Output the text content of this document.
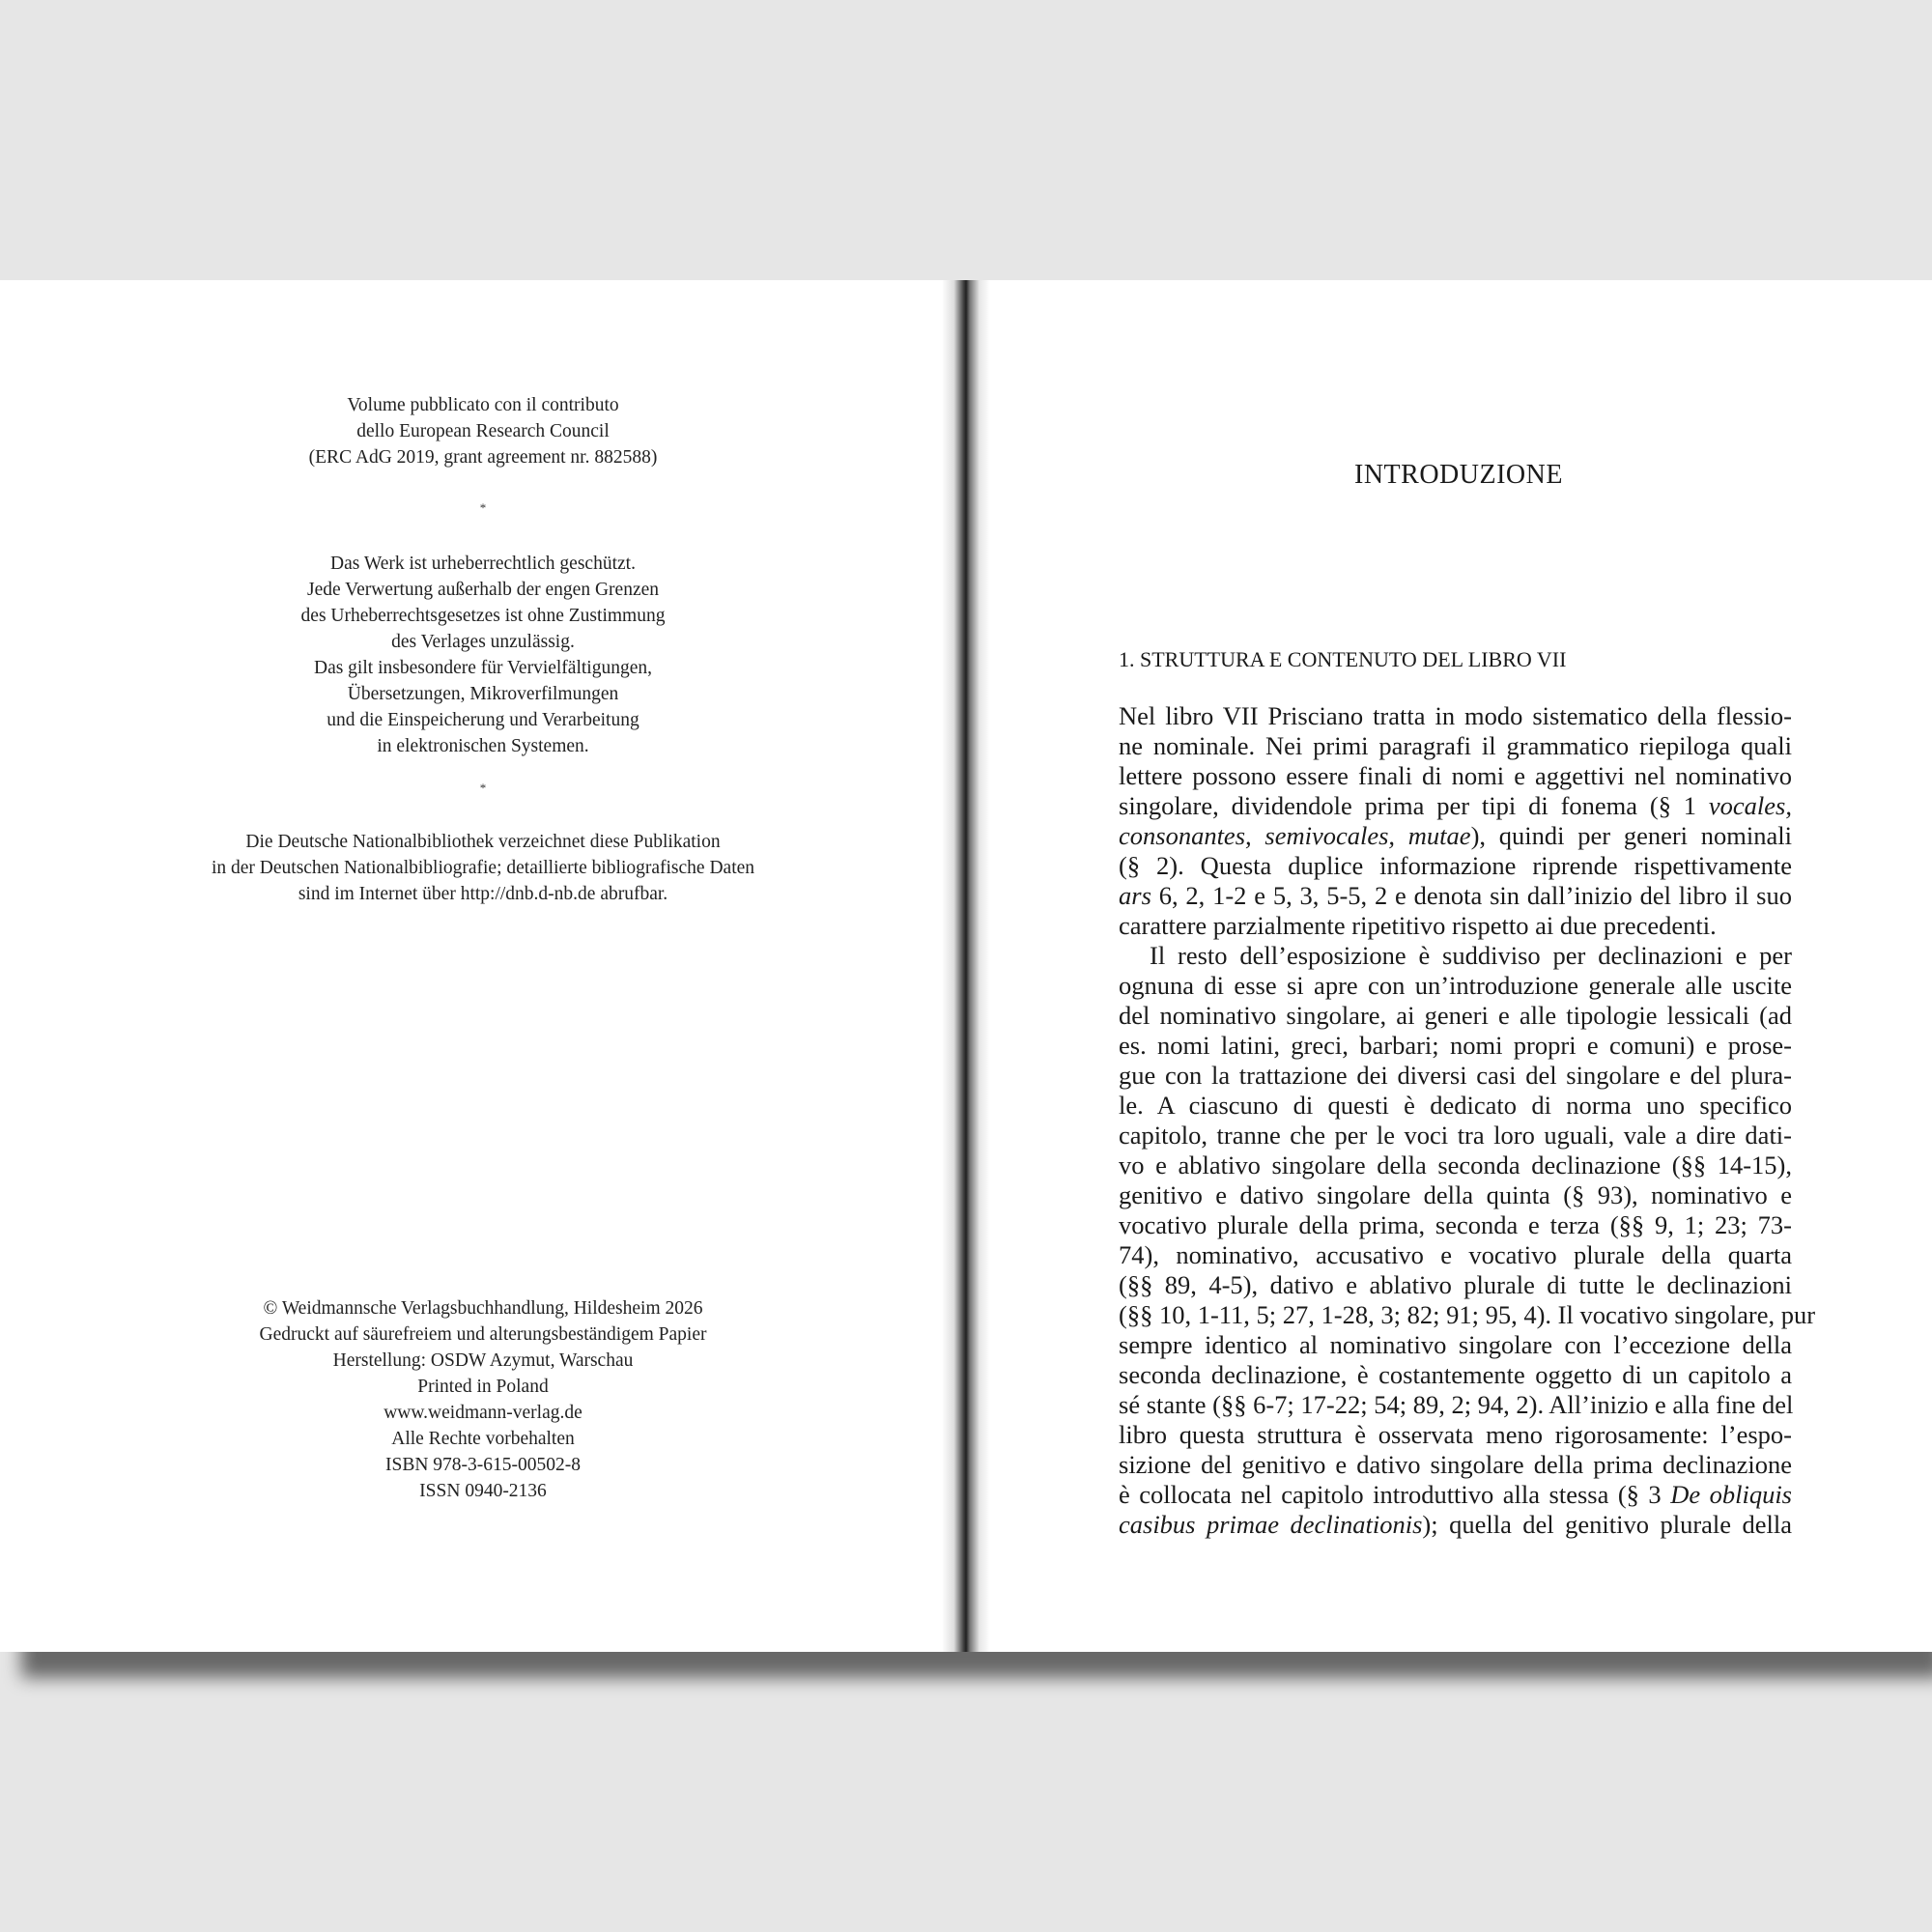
Volume pubblicato con il contributo
dello European Research Council
(ERC AdG 2019, grant agreement nr. 882588)
*
Das Werk ist urheberrechtlich geschützt.
Jede Verwertung außerhalb der engen Grenzen
des Urheberrechtsgesetzes ist ohne Zustimmung
des Verlages unzulässig.
Das gilt insbesondere für Vervielfältigungen,
Übersetzungen, Mikroverfilmungen
und die Einspeicherung und Verarbeitung
in elektronischen Systemen.
*
Die Deutsche Nationalbibliothek verzeichnet diese Publikation
in der Deutschen Nationalbibliografie; detaillierte bibliografische Daten
sind im Internet über http://dnb.d-nb.de abrufbar.
© Weidmannsche Verlagsbuchhandlung, Hildesheim 2026
Gedruckt auf säurefreiem und alterungsbeständigem Papier
Herstellung: OSDW Azymut, Warschau
Printed in Poland
www.weidmann-verlag.de
Alle Rechte vorbehalten
ISBN 978-3-615-00502-8
ISSN 0940-2136
INTRODUZIONE
1. STRUTTURA E CONTENUTO DEL LIBRO VII
Nel libro VII Prisciano tratta in modo sistematico della flessio-
ne nominale. Nei primi paragrafi il grammatico riepiloga quali
lettere possono essere finali di nomi e aggettivi nel nominativo
singolare, dividendole prima per tipi di fonema (§ 1 vocales,
consonantes, semivocales, mutae), quindi per generi nominali
(§ 2). Questa duplice informazione riprende rispettivamente
ars 6, 2, 1-2 e 5, 3, 5-5, 2 e denota sin dall’inizio del libro il suo
carattere parzialmente ripetitivo rispetto ai due precedenti.
Il resto dell’esposizione è suddiviso per declinazioni e per
ognuna di esse si apre con un’introduzione generale alle uscite
del nominativo singolare, ai generi e alle tipologie lessicali (ad
es. nomi latini, greci, barbari; nomi propri e comuni) e prose-
gue con la trattazione dei diversi casi del singolare e del plura-
le. A ciascuno di questi è dedicato di norma uno specifico
capitolo, tranne che per le voci tra loro uguali, vale a dire dati-
vo e ablativo singolare della seconda declinazione (§§ 14-15),
genitivo e dativo singolare della quinta (§ 93), nominativo e
vocativo plurale della prima, seconda e terza (§§ 9, 1; 23; 73-
74), nominativo, accusativo e vocativo plurale della quarta
(§§ 89, 4-5), dativo e ablativo plurale di tutte le declinazioni
(§§ 10, 1-11, 5; 27, 1-28, 3; 82; 91; 95, 4). Il vocativo singolare, pur
sempre identico al nominativo singolare con l’eccezione della
seconda declinazione, è costantemente oggetto di un capitolo a
sé stante (§§ 6-7; 17-22; 54; 89, 2; 94, 2). All’inizio e alla fine del
libro questa struttura è osservata meno rigorosamente: l’espo-
sizione del genitivo e dativo singolare della prima declinazione
è collocata nel capitolo introduttivo alla stessa (§ 3 De obliquis
casibus primae declinationis); quella del genitivo plurale della
